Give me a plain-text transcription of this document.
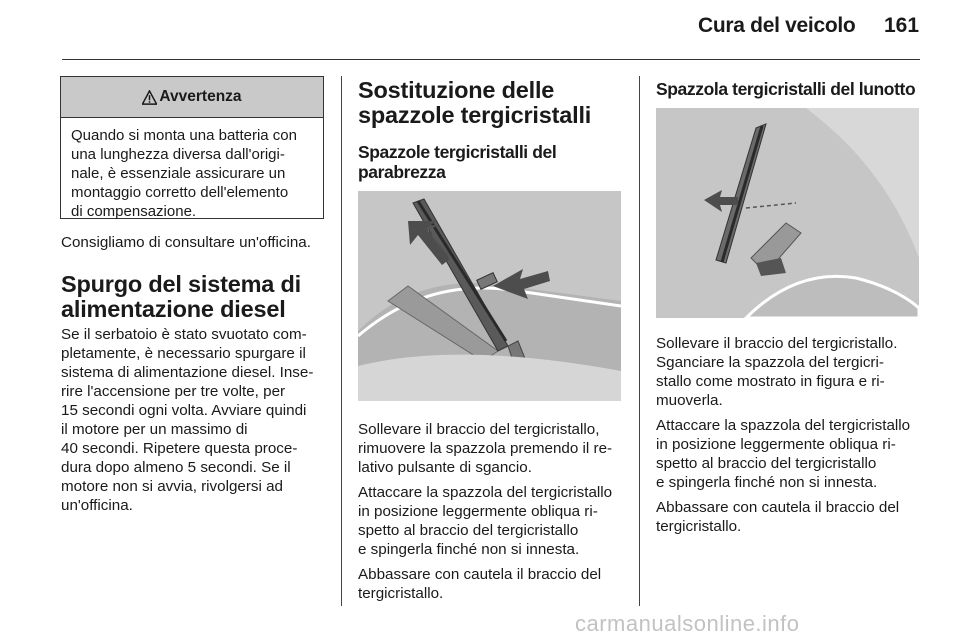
Cura del veicolo 161
Avvertenza
Quando si monta una batteria con
una lunghezza diversa dall'origi-
nale, è essenziale assicurare un
montaggio corretto dell'elemento
di compensazione.

Consigliamo di consultare un'officina.

Spurgo del sistema di
alimentazione diesel

Se il serbatoio è stato svuotato com-
pletamente, è necessario spurgare il
sistema di alimentazione diesel. Inse-
rire l'accensione per tre volte, per
15 secondi ogni volta. Avviare quindi
il motore per un massimo di
40 secondi. Ripetere questa proce-
dura dopo almeno 5 secondi. Se il
motore non si avvia, rivolgersi ad
un'officina.

Sostituzione delle
spazzole tergicristalli
Spazzole tergicristalli del
parabrezza

Sollevare il braccio del tergicristallo,
rimuovere la spazzola premendo il re-
lativo pulsante di sgancio.

Attaccare la spazzola del tergicristallo
in posizione leggermente obliqua ri-
spetto al braccio del tergicristallo
e spingerla finché non si innesta.

Abbassare con cautela il braccio del
tergicristallo.

Spazzola tergicristalli del lunotto

Sollevare il braccio del tergicristallo.
Sganciare la spazzola del tergicri-
stallo come mostrato in figura e ri-
muoverla.

Attaccare la spazzola del tergicristallo
in posizione leggermente obliqua ri-
spetto al braccio del tergicristallo
e spingerla finché non si innesta.

Abbassare con cautela il braccio del
tergicristallo.

carmanualsonline.info
